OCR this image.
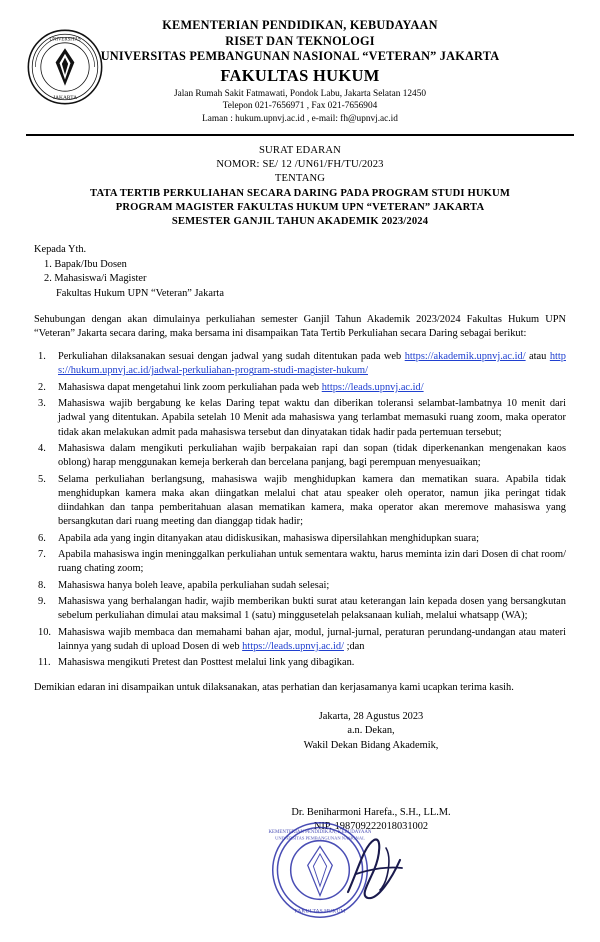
UNIVERSITAS
JAKARTA
KEMENTERIAN PENDIDIKAN, KEBUDAYAAN
RISET DAN TEKNOLOGI
UNIVERSITAS PEMBANGUNAN NASIONAL “VETERAN” JAKARTA
FAKULTAS HUKUM
Jalan Rumah Sakit Fatmawati, Pondok Labu, Jakarta Selatan 12450
Telepon 021-7656971 , Fax 021-7656904
Laman : hukum.upnvj.ac.id , e-mail: fh@upnvj.ac.id
SURAT EDARAN
NOMOR: SE/ 12 /UN61/FH/TU/2023
TENTANG
TATA TERTIB PERKULIAHAN SECARA DARING PADA PROGRAM STUDI HUKUM
PROGRAM MAGISTER FAKULTAS HUKUM UPN “VETERAN” JAKARTA
SEMESTER GANJIL TAHUN AKADEMIK 2023/2024
Kepada Yth.
1. Bapak/Ibu Dosen
2. Mahasiswa/i Magister
Fakultas Hukum UPN “Veteran” Jakarta
Sehubungan dengan akan dimulainya perkuliahan semester Ganjil Tahun Akademik 2023/2024 Fakultas Hukum UPN “Veteran” Jakarta secara daring, maka bersama ini disampaikan Tata Tertib Perkuliahan secara Daring sebagai berikut:
Perkuliahan dilaksanakan sesuai dengan jadwal yang sudah ditentukan pada web https://akademik.upnvj.ac.id/ atau https://hukum.upnvj.ac.id/jadwal-perkuliahan-program-studi-magister-hukum/
Mahasiswa dapat mengetahui link zoom perkuliahan pada web https://leads.upnvj.ac.id/
Mahasiswa wajib bergabung ke kelas Daring tepat waktu dan diberikan toleransi selambat-lambatnya 10 menit dari jadwal yang ditentukan. Apabila setelah 10 Menit ada mahasiswa yang terlambat memasuki ruang zoom, maka operator tidak akan melakukan admit pada mahasiswa tersebut dan dinyatakan tidak hadir pada pertemuan tersebut;
Mahasiswa dalam mengikuti perkuliahan wajib berpakaian rapi dan sopan (tidak diperkenankan mengenakan kaos oblong) harap menggunakan kemeja berkerah dan bercelana panjang, bagi perempuan menyesuaikan;
Selama perkuliahan berlangsung, mahasiswa wajib menghidupkan kamera dan mematikan suara. Apabila tidak menghidupkan kamera maka akan diingatkan melalui chat atau speaker oleh operator, namun jika peringat tidak diindahkan dan tanpa pemberitahuan alasan mematikan kamera, maka operator akan meremove mahasiswa yang bersangkutan dari ruang meeting dan dianggap tidak hadir;
Apabila ada yang ingin ditanyakan atau didiskusikan, mahasiswa dipersilahkan menghidupkan suara;
Apabila mahasiswa ingin meninggalkan perkuliahan untuk sementara waktu, harus meminta izin dari Dosen di chat room/ ruang chating zoom;
Mahasiswa hanya boleh leave, apabila perkuliahan sudah selesai;
Mahasiswa yang berhalangan hadir, wajib memberikan bukti surat atau keterangan lain kepada dosen yang bersangkutan sebelum perkuliahan dimulai atau maksimal 1 (satu) minggusetelah pelaksanaan kuliah, melalui whatsapp (WA);
Mahasiswa wajib membaca dan memahami bahan ajar, modul, jurnal-jurnal, peraturan perundang-undangan atau materi lainnya yang sudah di upload Dosen di web https://leads.upnvj.ac.id/ ;dan
Mahasiswa mengikuti Pretest dan Posttest melalui link yang dibagikan.
Demikian edaran ini disampaikan untuk dilaksanakan, atas perhatian dan kerjasamanya kami ucapkan terima kasih.
Jakarta, 28 Agustus 2023
a.n. Dekan,
Wakil Dekan Bidang Akademik,
Dr. Beniharmoni Harefa., S.H., LL.M.
NIP. 198709222018031002
KEMENTERIAN PENDIDIKAN, KEBUDAYAAN
UNIVERSITAS PEMBANGUNAN NASIONAL
FAKULTAS HUKUM
